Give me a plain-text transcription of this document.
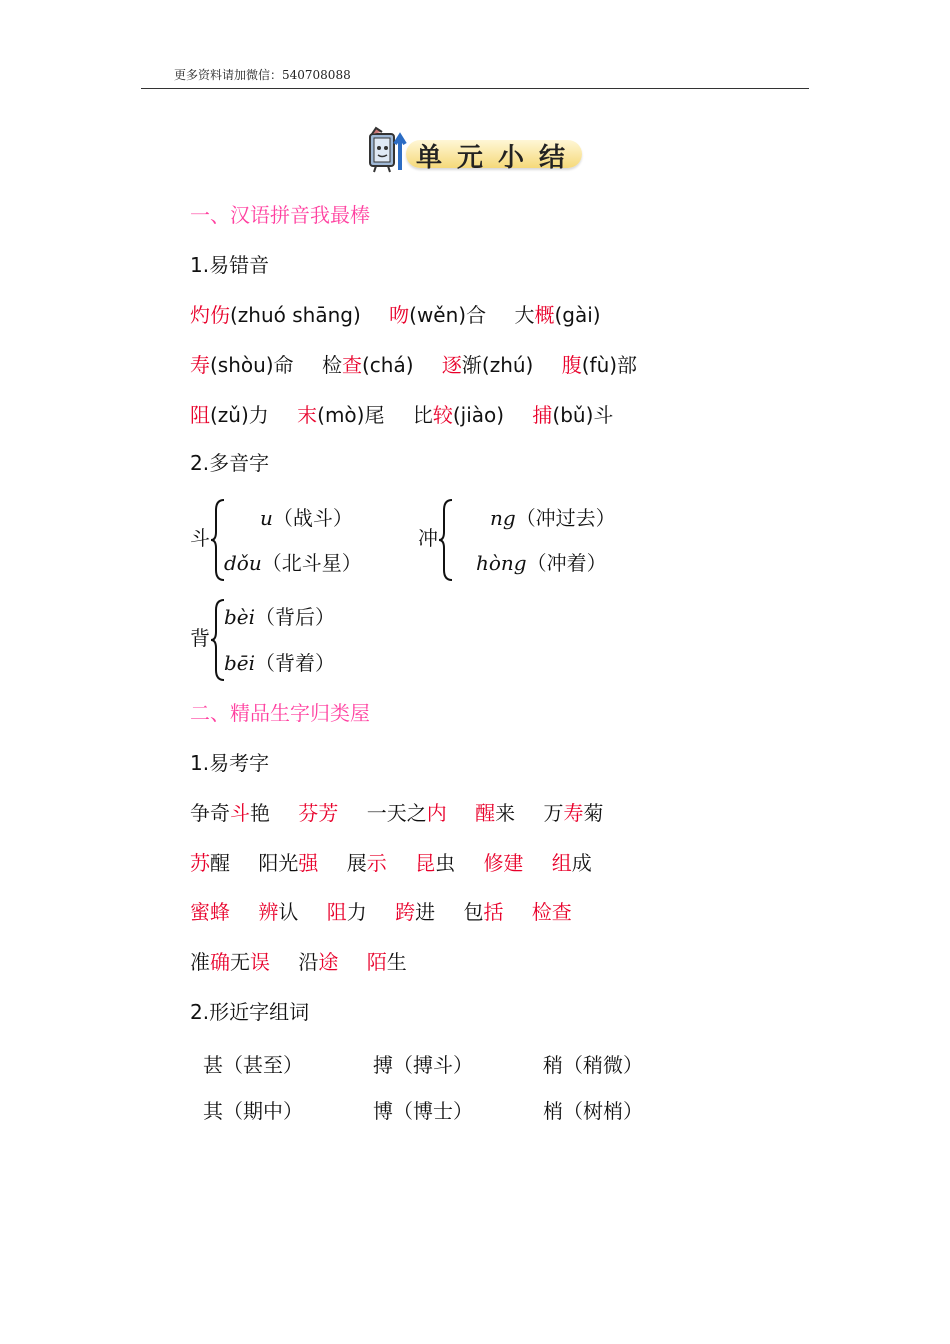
更多资料请加微信：540708088
单元小结
一、汉语拼音我最棒
1.易错音
灼伤(zhuó shāng) 吻(wěn)合 大概(gài)
寿(shòu)命 检查(chá) 逐渐(zhú) 腹(fù)部
阻(zǔ)力 末(mò)尾 比较(jiào) 捕(bǔ)斗
2.多音字
斗
u（战斗）
dǒu（北斗星）
冲
ng（冲过去）
hòng（冲着）
背
bèi（背后）
bēi（背着）
二、精品生字归类屋
1.易考字
争奇斗艳 芬芳 一天之内 醒来 万寿菊
苏醒 阳光强 展示 昆虫 修建 组成
蜜蜂 辨认 阻力 跨进 包括 检查
准确无误 沿途 陌生
2.形近字组词
甚（甚至）	搏（搏斗）	稍（稍微）
其（期中）	博（博士）	梢（树梢）
